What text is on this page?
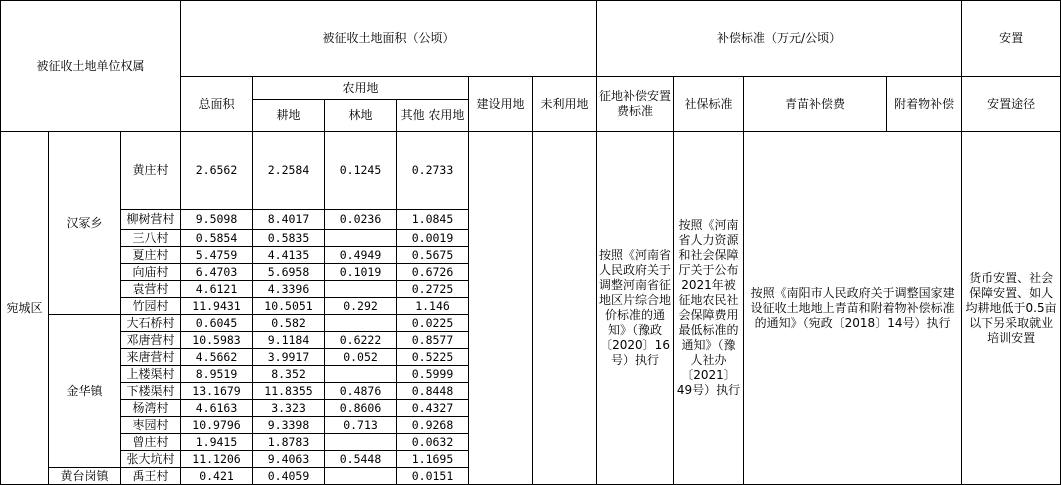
被征收土地单位权属			被征收土地面积（公顷）						补偿标准（万元/公顷）				安置	
			总面积	农用地			建设用地	未利用地	征地补偿安置费标准	社保标准	青苗补偿费	附着物补偿	安置途径	
				耕地	林地	其他 农用地								
宛城区	汉冢乡	黄庄村	2.6562	2.2584	0.1245	0.2733			按照《河南省人民政府关于调整河南省征地区片综合地价标准的通知》（豫政〔2020〕16号）执行	按照《河南省人力资源和社会保障厅关于公布2021年被征地农民社会保障费用最低标准的通知》（豫人社办〔2021〕49号）执行	按照《南阳市人民政府关于调整国家建设征收土地地上青苗和附着物补偿标准的通知》（宛政〔2018〕14号）执行		货币安置、社会保障安置、如人均耕地低于0.5亩以下另采取就业培训安置	
		柳树营村	9.5098	8.4017	0.0236	1.0845								
		三八村	0.5854	0.5835		0.0019								
		夏庄村	5.4759	4.4135	0.4949	0.5675								
		向庙村	6.4703	5.6958	0.1019	0.6726								
		袁营村	4.6121	4.3396		0.2725								
		竹园村	11.9431	10.5051	0.292	1.146								
	金华镇	大石桥村	0.6045	0.582		0.0225								
		邓唐营村	10.5983	9.1184	0.6222	0.8577								
		来唐营村	4.5662	3.9917	0.052	0.5225								
		上楼渠村	8.9519	8.352		0.5999								
		下楼渠村	13.1679	11.8355	0.4876	0.8448								
		杨湾村	4.6163	3.323	0.8606	0.4327								
		枣园村	10.9796	9.3398	0.713	0.9268								
		曾庄村	1.9415	1.8783		0.0632								
		张大坑村	11.1206	9.4063	0.5448	1.1695								
	黄台岗镇	禹王村	0.421	0.4059		0.0151								
